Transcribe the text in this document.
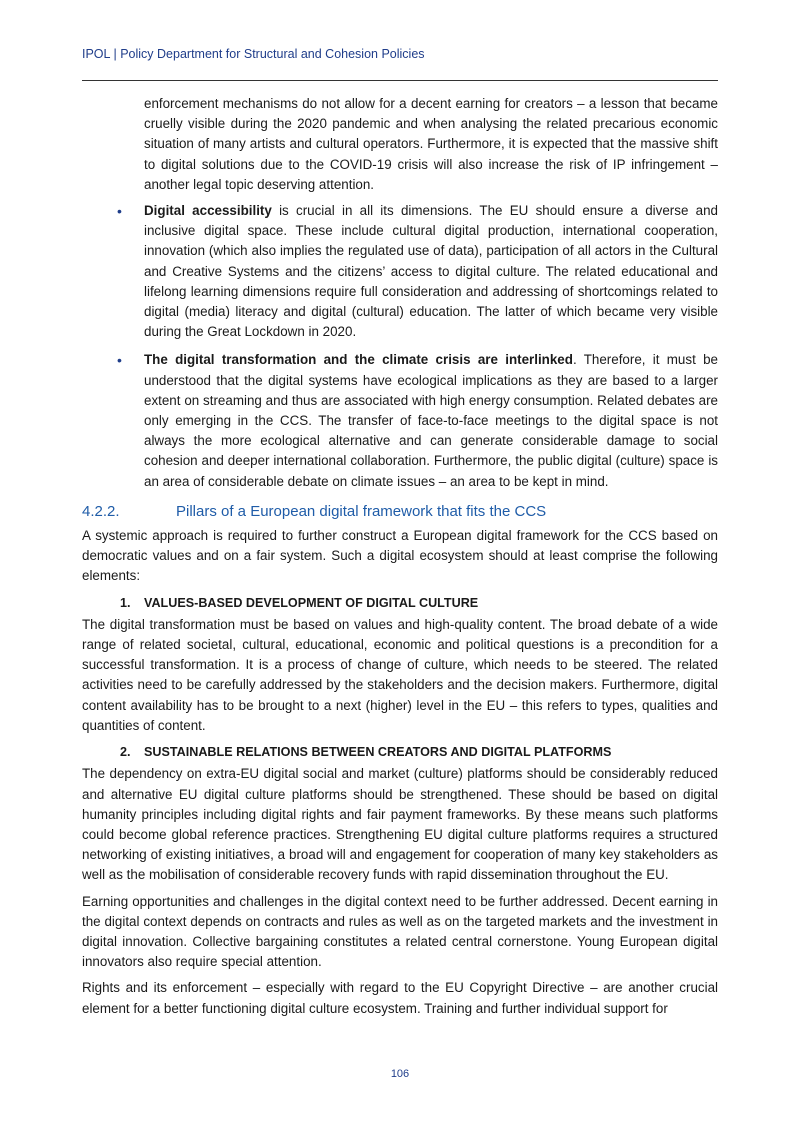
IPOL | Policy Department for Structural and Cohesion Policies

enforcement mechanisms do not allow for a decent earning for creators – a lesson that became cruelly visible during the 2020 pandemic and when analysing the related precarious economic situation of many artists and cultural operators. Furthermore, it is expected that the massive shift to digital solutions due to the COVID-19 crisis will also increase the risk of IP infringement – another legal topic deserving attention.

• Digital accessibility is crucial in all its dimensions. The EU should ensure a diverse and inclusive digital space. These include cultural digital production, international cooperation, innovation (which also implies the regulated use of data), participation of all actors in the Cultural and Creative Systems and the citizens’ access to digital culture. The related educational and lifelong learning dimensions require full consideration and addressing of shortcomings related to digital (media) literacy and digital (cultural) education. The latter of which became very visible during the Great Lockdown in 2020.
• The digital transformation and the climate crisis are interlinked. Therefore, it must be understood that the digital systems have ecological implications as they are based to a larger extent on streaming and thus are associated with high energy consumption. Related debates are only emerging in the CCS. The transfer of face-to-face meetings to the digital space is not always the more ecological alternative and can generate considerable damage to social cohesion and deeper international collaboration. Furthermore, the public digital (culture) space is an area of considerable debate on climate issues – an area to be kept in mind.
4.2.2.	Pillars of a European digital framework that fits the CCS

A systemic approach is required to further construct a European digital framework for the CCS based on democratic values and on a fair system. Such a digital ecosystem should at least comprise the following elements:

1.	VALUES-BASED DEVELOPMENT OF DIGITAL CULTURE

The digital transformation must be based on values and high-quality content. The broad debate of a wide range of related societal, cultural, educational, economic and political questions is a precondition for a successful transformation. It is a process of change of culture, which needs to be steered. The related activities need to be carefully addressed by the stakeholders and the decision makers. Furthermore, digital content availability has to be brought to a next (higher) level in the EU – this refers to types, qualities and quantities of content.

2.	SUSTAINABLE RELATIONS BETWEEN CREATORS AND DIGITAL PLATFORMS

The dependency on extra-EU digital social and market (culture) platforms should be considerably reduced and alternative EU digital culture platforms should be strengthened. These should be based on digital humanity principles including digital rights and fair payment frameworks. By these means such platforms could become global reference practices. Strengthening EU digital culture platforms requires a structured networking of existing initiatives, a broad will and engagement for cooperation of many key stakeholders as well as the mobilisation of considerable recovery funds with rapid dissemination throughout the EU.

Earning opportunities and challenges in the digital context need to be further addressed. Decent earning in the digital context depends on contracts and rules as well as on the targeted markets and the investment in digital innovation. Collective bargaining constitutes a related central cornerstone. Young European digital innovators also require special attention.

Rights and its enforcement – especially with regard to the EU Copyright Directive – are another crucial element for a better functioning digital culture ecosystem. Training and further individual support for

106
